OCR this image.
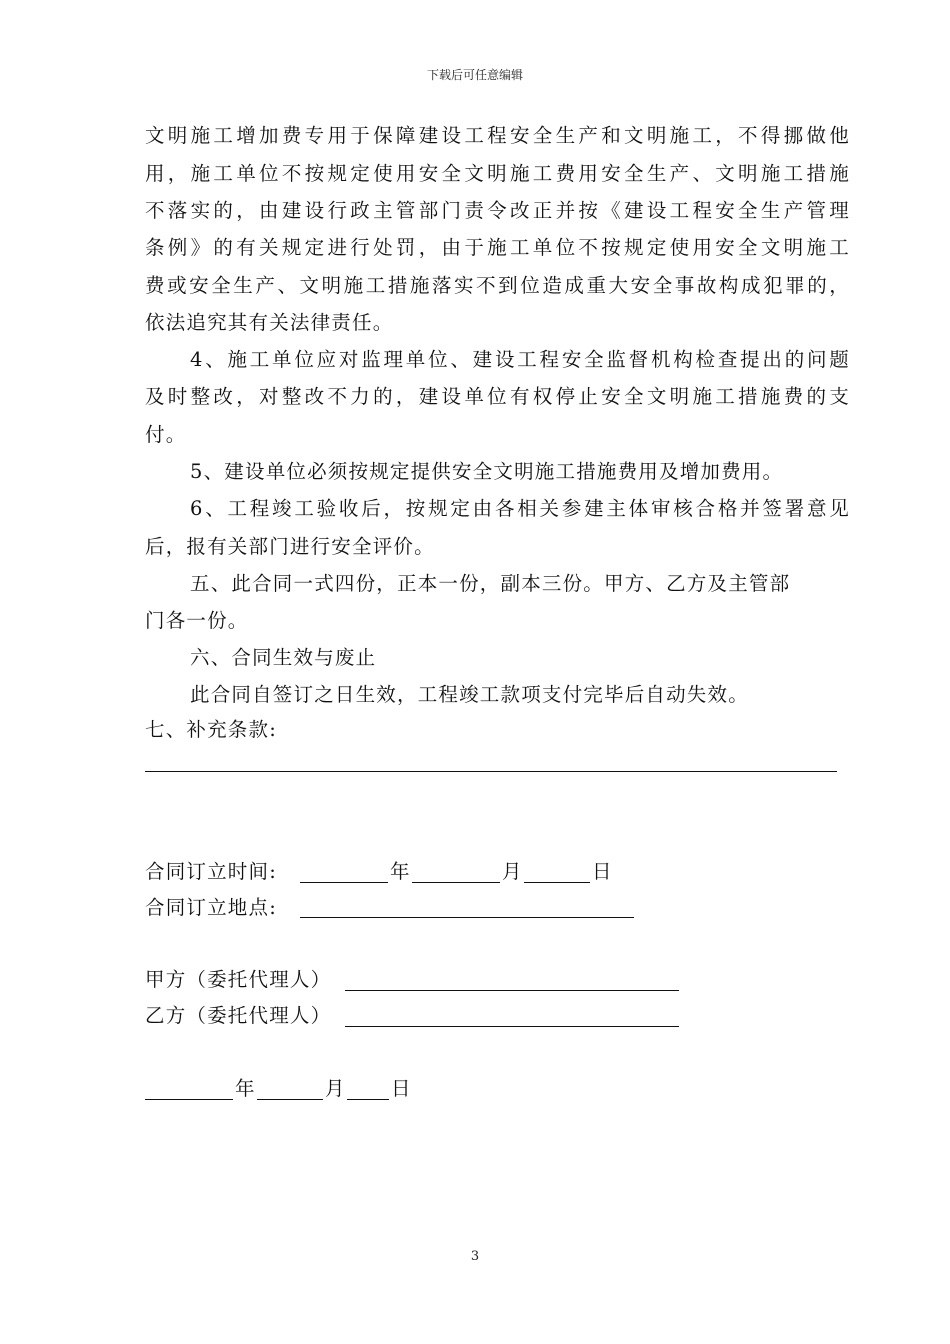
下载后可任意编辑
文明施工增加费专用于保障建设工程安全生产和文明施工，不得挪做他
用，施工单位不按规定使用安全文明施工费用安全生产、文明施工措施
不落实的，由建设行政主管部门责令改正并按《建设工程安全生产管理
条例》的有关规定进行处罚，由于施工单位不按规定使用安全文明施工
费或安全生产、文明施工措施落实不到位造成重大安全事故构成犯罪的，
依法追究其有关法律责任。
4、施工单位应对监理单位、建设工程安全监督机构检查提出的问题
及时整改，对整改不力的，建设单位有权停止安全文明施工措施费的支
付。
5、建设单位必须按规定提供安全文明施工措施费用及增加费用。
6、工程竣工验收后，按规定由各相关参建主体审核合格并签署意见
后，报有关部门进行安全评价。
五、此合同一式四份，正本一份，副本三份。甲方、乙方及主管部
门各一份。
六、合同生效与废止
此合同自签订之日生效，工程竣工款项支付完毕后自动失效。
七、补充条款:
合同订立时间:	年	月	日
合同订立地点:
甲方（委托代理人）
乙方（委托代理人）
年	月 日
3
